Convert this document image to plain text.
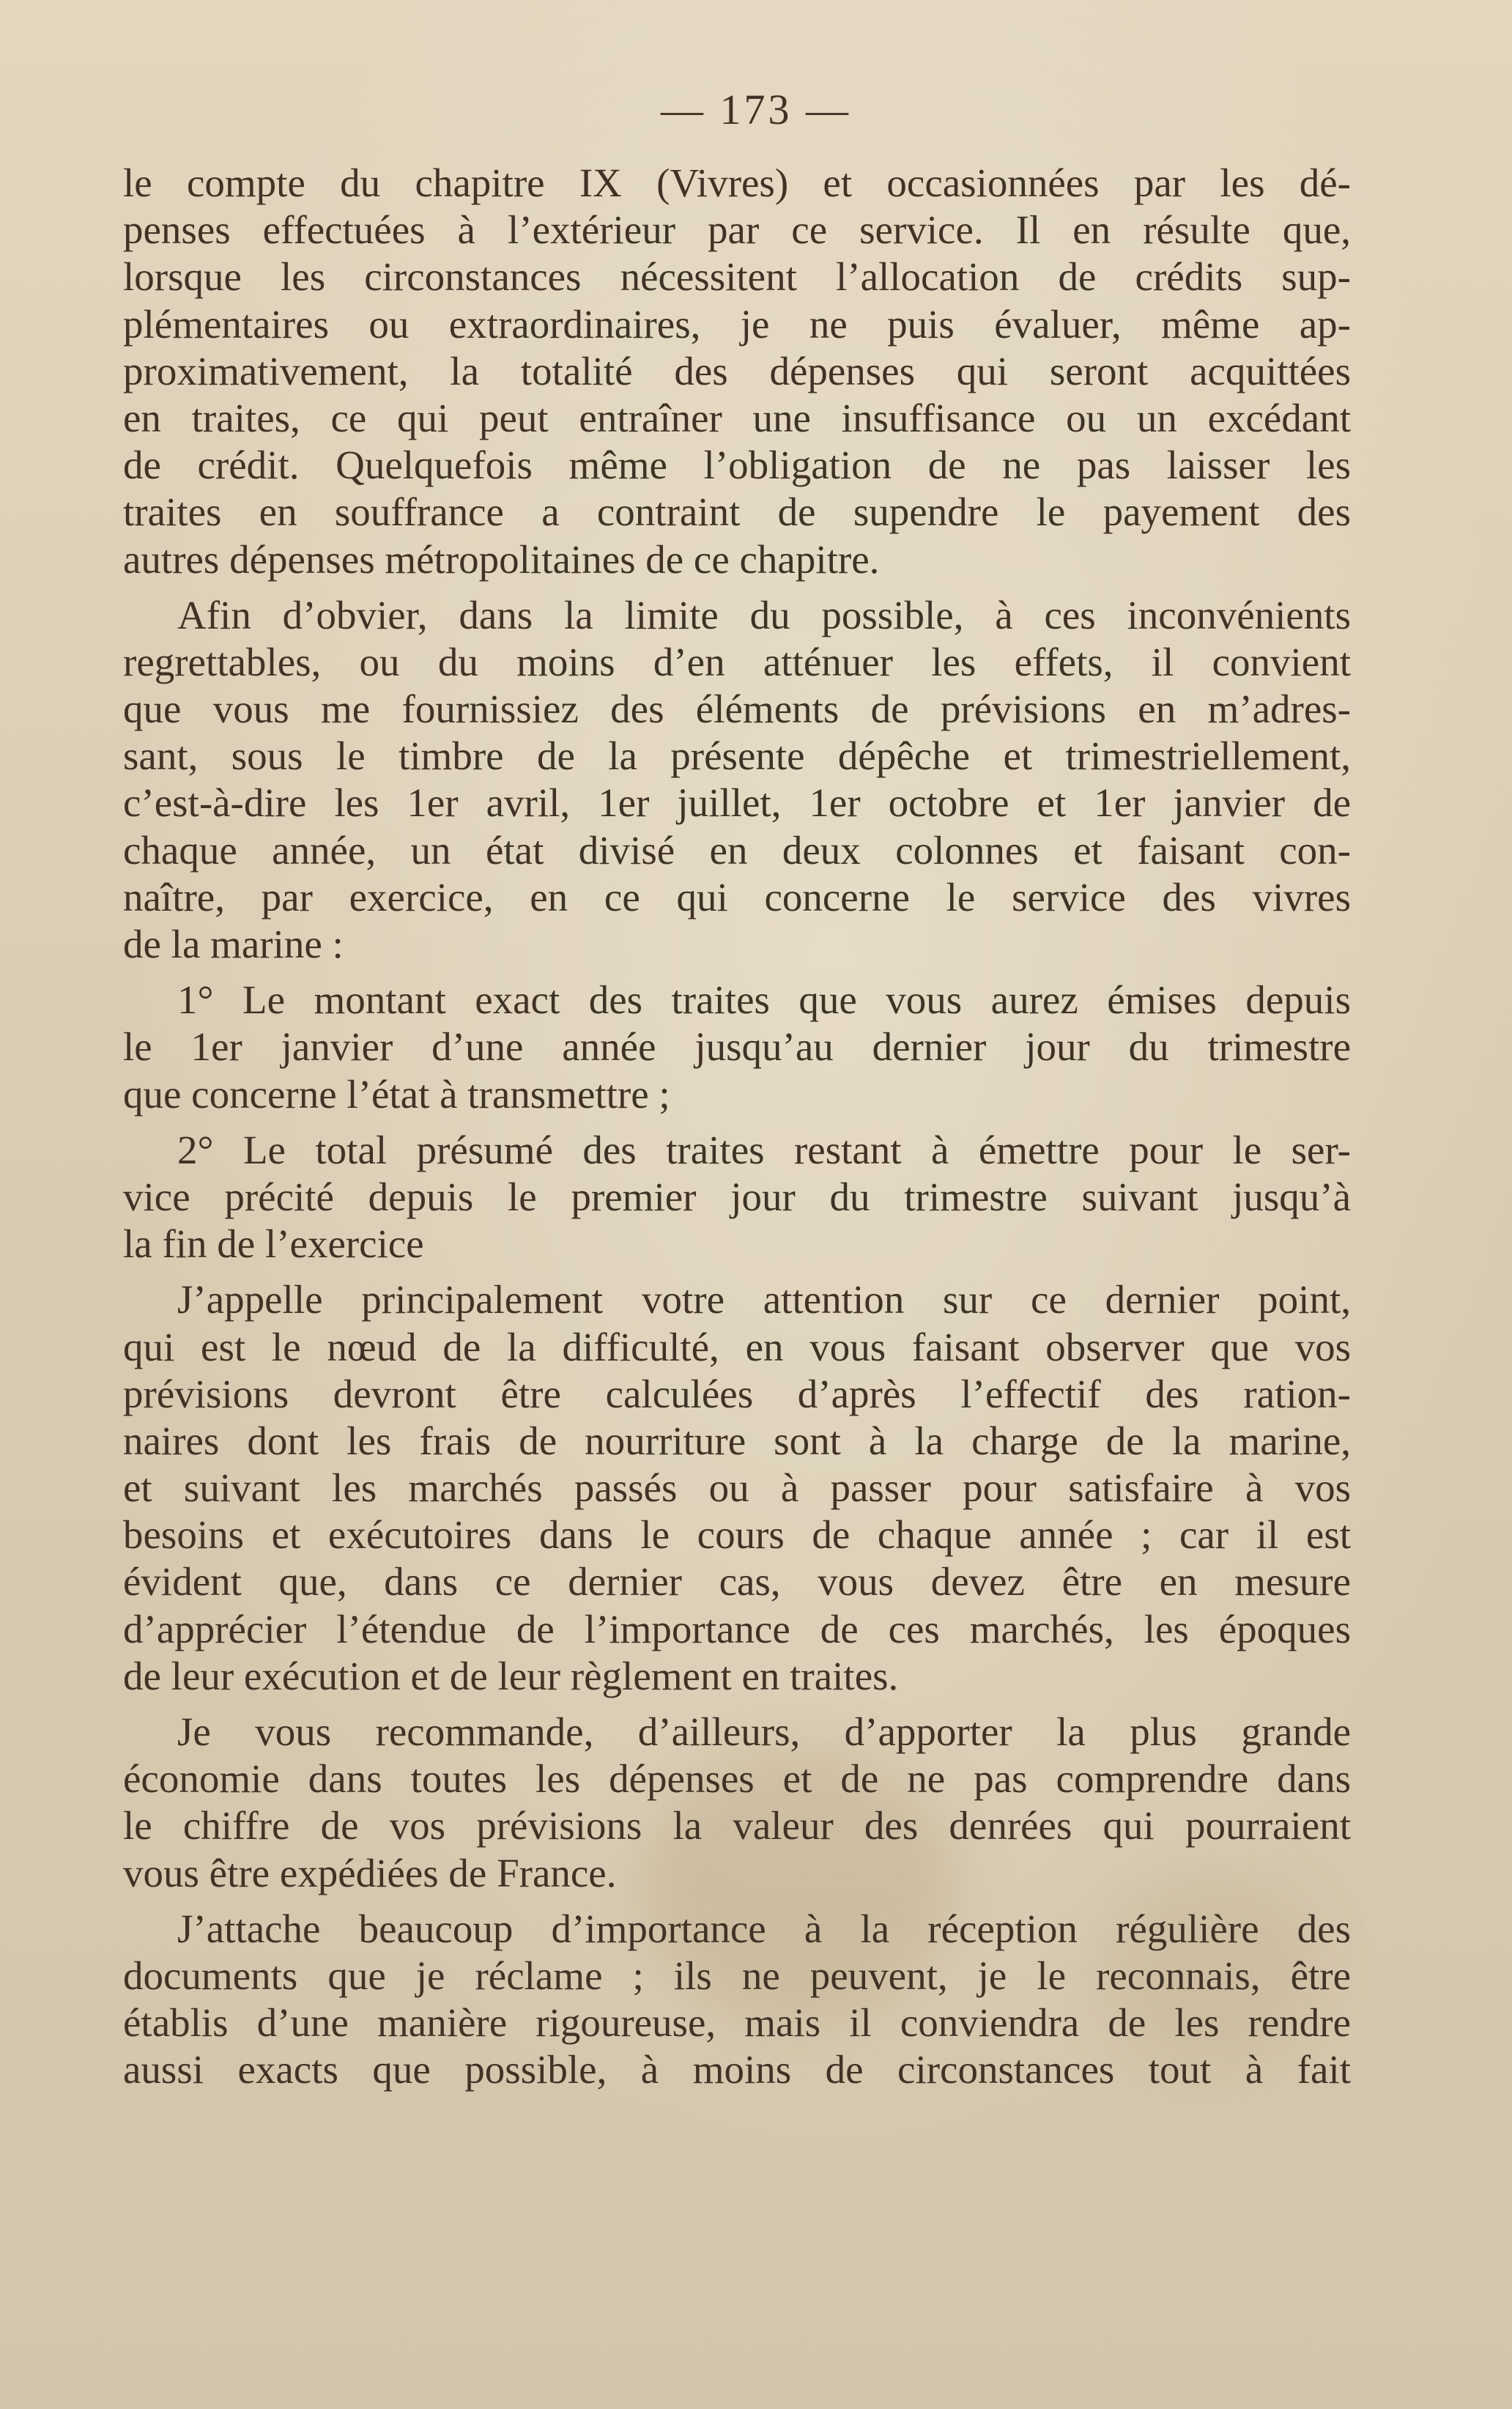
— 173 —
le compte du chapitre IX (Vivres) et occasionnées par les dé-
penses effectuées à l’extérieur par ce service. Il en résulte que,
lorsque les circonstances nécessitent l’allocation de crédits sup-
plémentaires ou extraordinaires, je ne puis évaluer, même ap-
proximativement, la totalité des dépenses qui seront acquittées
en traites, ce qui peut entraîner une insuffisance ou un excédant
de crédit. Quelquefois même l’obligation de ne pas laisser les
traites en souffrance a contraint de supendre le payement des
autres dépenses métropolitaines de ce chapitre.
Afin d’obvier, dans la limite du possible, à ces inconvénients
regrettables, ou du moins d’en atténuer les effets, il convient
que vous me fournissiez des éléments de prévisions en m’adres-
sant, sous le timbre de la présente dépêche et trimestriellement,
c’est-à-dire les 1er avril, 1er juillet, 1er octobre et 1er janvier de
chaque année, un état divisé en deux colonnes et faisant con-
naître, par exercice, en ce qui concerne le service des vivres
de la marine :
1° Le montant exact des traites que vous aurez émises depuis
le 1er janvier d’une année jusqu’au dernier jour du trimestre
que concerne l’état à transmettre ;
2° Le total présumé des traites restant à émettre pour le ser-
vice précité depuis le premier jour du trimestre suivant jusqu’à
la fin de l’exercice
J’appelle principalement votre attention sur ce dernier point,
qui est le nœud de la difficulté, en vous faisant observer que vos
prévisions devront être calculées d’après l’effectif des ration-
naires dont les frais de nourriture sont à la charge de la marine,
et suivant les marchés passés ou à passer pour satisfaire à vos
besoins et exécutoires dans le cours de chaque année ; car il est
évident que, dans ce dernier cas, vous devez être en mesure
d’apprécier l’étendue de l’importance de ces marchés, les époques
de leur exécution et de leur règlement en traites.
Je vous recommande, d’ailleurs, d’apporter la plus grande
économie dans toutes les dépenses et de ne pas comprendre dans
le chiffre de vos prévisions la valeur des denrées qui pourraient
vous être expédiées de France.
J’attache beaucoup d’importance à la réception régulière des
documents que je réclame ; ils ne peuvent, je le reconnais, être
établis d’une manière rigoureuse, mais il conviendra de les rendre
aussi exacts que possible, à moins de circonstances tout à fait
